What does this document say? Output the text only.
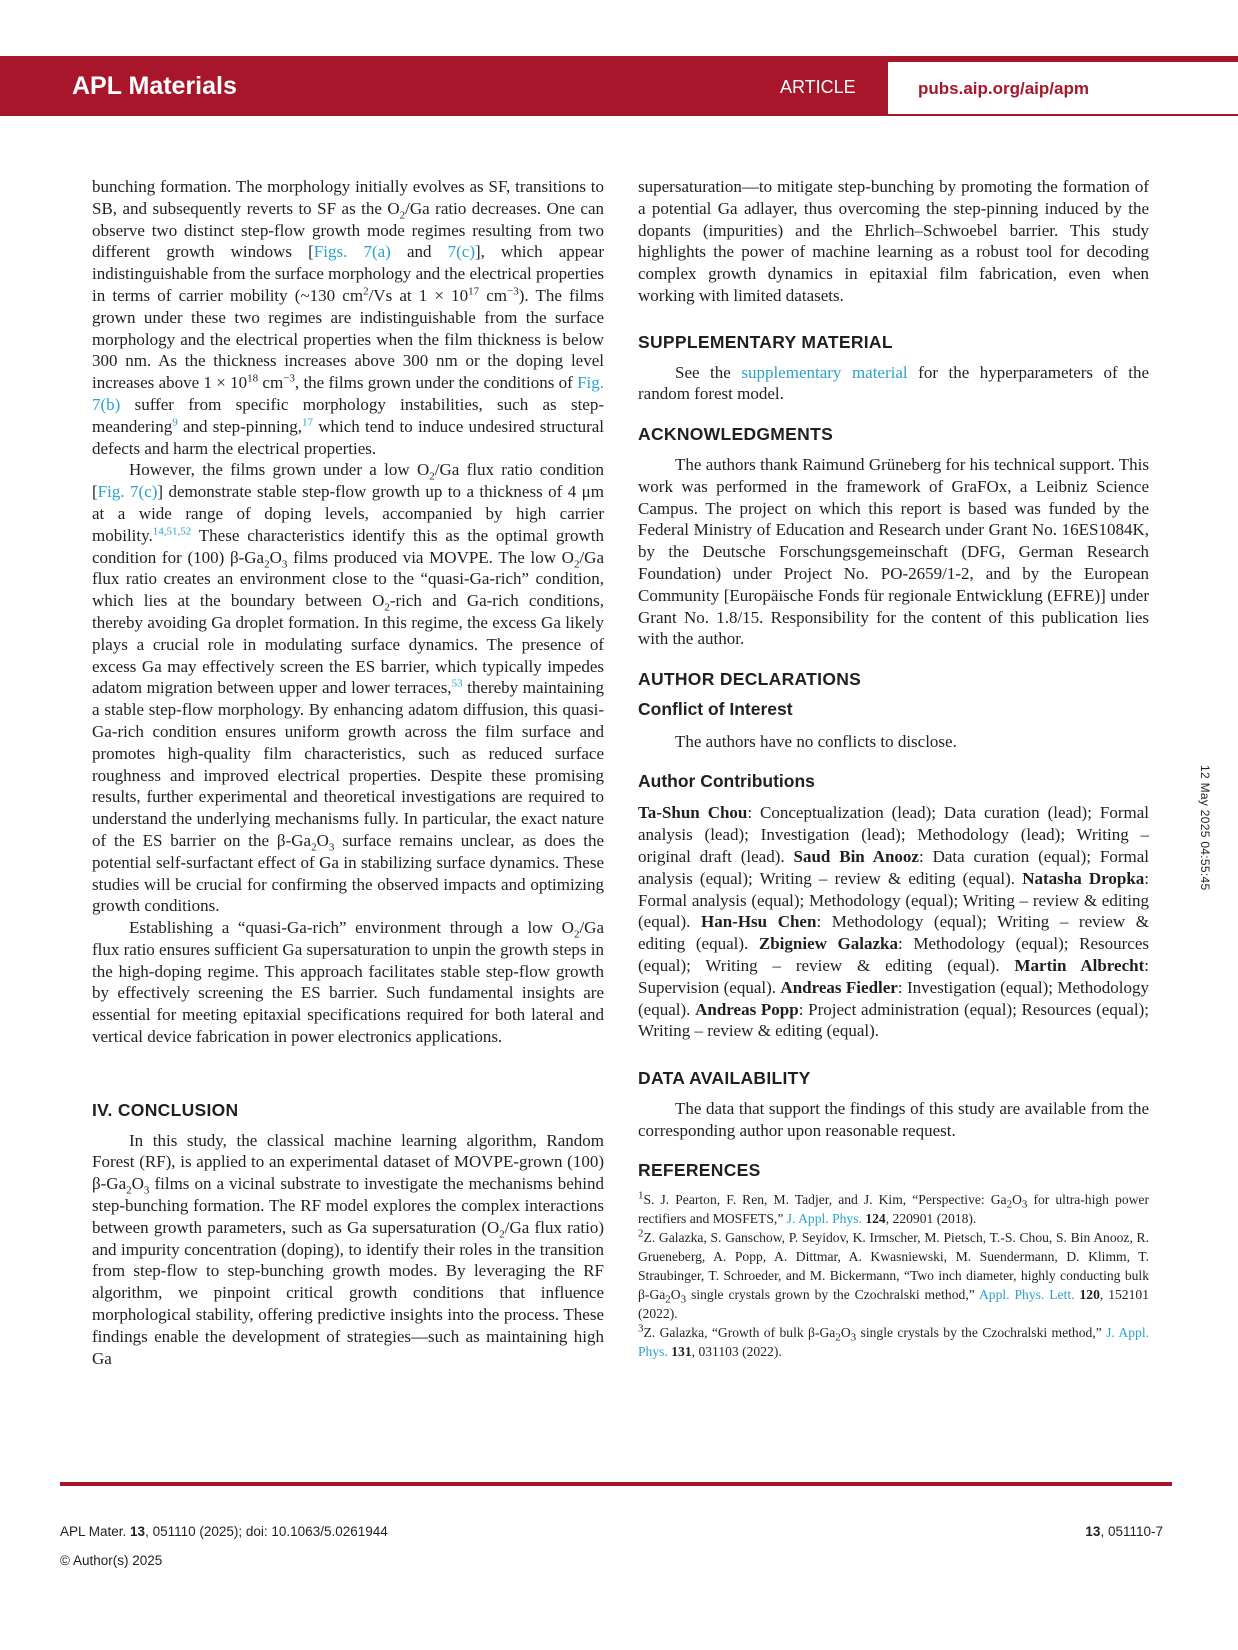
APL Materials	ARTICLE	pubs.aip.org/aip/apm

bunching formation. The morphology initially evolves as SF, transitions to SB, and subsequently reverts to SF as the $O_2/Ga$ ratio decreases. One can observe two distinct step-flow growth mode regimes resulting from two different growth windows [Figs. 7(a) and 7(c)], which appear indistinguishable from the surface morphology and the electrical properties in terms of carrier mobility (~130 $cm^2/Vs$ at $1 \times 10^{17}$ $cm^{-3}$). The films grown under these two regimes are indistinguishable from the surface morphology and the electrical properties when the film thickness is below 300 nm. As the thickness increases above 300 nm or the doping level increases above $1 \times 10^{18}$ $cm^{-3}$, the films grown under the conditions of Fig. 7(b) suffer from specific morphology instabilities, such as step-meandering$^9$ and step-pinning,$^{17}$ which tend to induce undesired structural defects and harm the electrical properties.

However, the films grown under a low $O_2/Ga$ flux ratio condition [Fig. 7(c)] demonstrate stable step-flow growth up to a thickness of 4 μm at a wide range of doping levels, accompanied by high carrier mobility.$^{14,51,52}$ These characteristics identify this as the optimal growth condition for (100) $\beta-Ga_2O_3$ films produced via MOVPE. The low $O_2/Ga$ flux ratio creates an environment close to the “quasi-Ga-rich” condition, which lies at the boundary between $O_2$-rich and Ga-rich conditions, thereby avoiding Ga droplet formation. In this regime, the excess Ga likely plays a crucial role in modulating surface dynamics. The presence of excess Ga may effectively screen the ES barrier, which typically impedes adatom migration between upper and lower terraces,$^{53}$ thereby maintaining a stable step-flow morphology. By enhancing adatom diffusion, this quasi-Ga-rich condition ensures uniform growth across the film surface and promotes high-quality film characteristics, such as reduced surface roughness and improved electrical properties. Despite these promising results, further experimental and theoretical investigations are required to understand the underlying mechanisms fully. In particular, the exact nature of the ES barrier on the $\beta-Ga_2O_3$ surface remains unclear, as does the potential self-surfactant effect of Ga in stabilizing surface dynamics. These studies will be crucial for confirming the observed impacts and optimizing growth conditions.

Establishing a “quasi-Ga-rich” environment through a low $O_2/Ga$ flux ratio ensures sufficient Ga supersaturation to unpin the growth steps in the high-doping regime. This approach facilitates stable step-flow growth by effectively screening the ES barrier. Such fundamental insights are essential for meeting epitaxial specifications required for both lateral and vertical device fabrication in power electronics applications.

IV. CONCLUSION

In this study, the classical machine learning algorithm, Random Forest (RF), is applied to an experimental dataset of MOVPE-grown (100) $\beta-Ga_2O_3$ films on a vicinal substrate to investigate the mechanisms behind step-bunching formation. The RF model explores the complex interactions between growth parameters, such as Ga supersaturation ($O_2/Ga$ flux ratio) and impurity concentration (doping), to identify their roles in the transition from step-flow to step-bunching growth modes. By leveraging the RF algorithm, we pinpoint critical growth conditions that influence morphological stability, offering predictive insights into the process. These findings enable the development of strategies—such as maintaining high Ga

supersaturation—to mitigate step-bunching by promoting the formation of a potential Ga adlayer, thus overcoming the step-pinning induced by the dopants (impurities) and the Ehrlich–Schwoebel barrier. This study highlights the power of machine learning as a robust tool for decoding complex growth dynamics in epitaxial film fabrication, even when working with limited datasets.

SUPPLEMENTARY MATERIAL

See the supplementary material for the hyperparameters of the random forest model.

ACKNOWLEDGMENTS

The authors thank Raimund Grüneberg for his technical support. This work was performed in the framework of GraFOx, a Leibniz Science Campus. The project on which this report is based was funded by the Federal Ministry of Education and Research under Grant No. 16ES1084K, by the Deutsche Forschungsgemeinschaft (DFG, German Research Foundation) under Project No. PO-2659/1-2, and by the European Community [Europäische Fonds für regionale Entwicklung (EFRE)] under Grant No. 1.8/15. Responsibility for the content of this publication lies with the author.

AUTHOR DECLARATIONS
Conflict of Interest

The authors have no conflicts to disclose.

Author Contributions

Ta-Shun Chou: Conceptualization (lead); Data curation (lead); Formal analysis (lead); Investigation (lead); Methodology (lead); Writing – original draft (lead). Saud Bin Anooz: Data curation (equal); Formal analysis (equal); Writing – review & editing (equal). Natasha Dropka: Formal analysis (equal); Methodology (equal); Writing – review & editing (equal). Han-Hsu Chen: Methodology (equal); Writing – review & editing (equal). Zbigniew Galazka: Methodology (equal); Resources (equal); Writing – review & editing (equal). Martin Albrecht: Supervision (equal). Andreas Fiedler: Investigation (equal); Methodology (equal). Andreas Popp: Project administration (equal); Resources (equal); Writing – review & editing (equal).

DATA AVAILABILITY

The data that support the findings of this study are available from the corresponding author upon reasonable request.

REFERENCES

$^1$S. J. Pearton, F. Ren, M. Tadjer, and J. Kim, “Perspective: $Ga_2O_3$ for ultra-high power rectifiers and MOSFETS,” J. Appl. Phys. 124, 220901 (2018).

$^2$Z. Galazka, S. Ganschow, P. Seyidov, K. Irmscher, M. Pietsch, T.-S. Chou, S. Bin Anooz, R. Grueneberg, A. Popp, A. Dittmar, A. Kwasniewski, M. Suendermann, D. Klimm, T. Straubinger, T. Schroeder, and M. Bickermann, “Two inch diameter, highly conducting bulk $\beta-Ga_2O_3$ single crystals grown by the Czochralski method,” Appl. Phys. Lett. 120, 152101 (2022).

$^3$Z. Galazka, “Growth of bulk $\beta-Ga_2O_3$ single crystals by the Czochralski method,” J. Appl. Phys. 131, 031103 (2022).

12 May 2025 04:55:45
APL Mater. 13, 051110 (2025); doi: 10.1063/5.0261944
© Author(s) 2025
13, 051110-7
